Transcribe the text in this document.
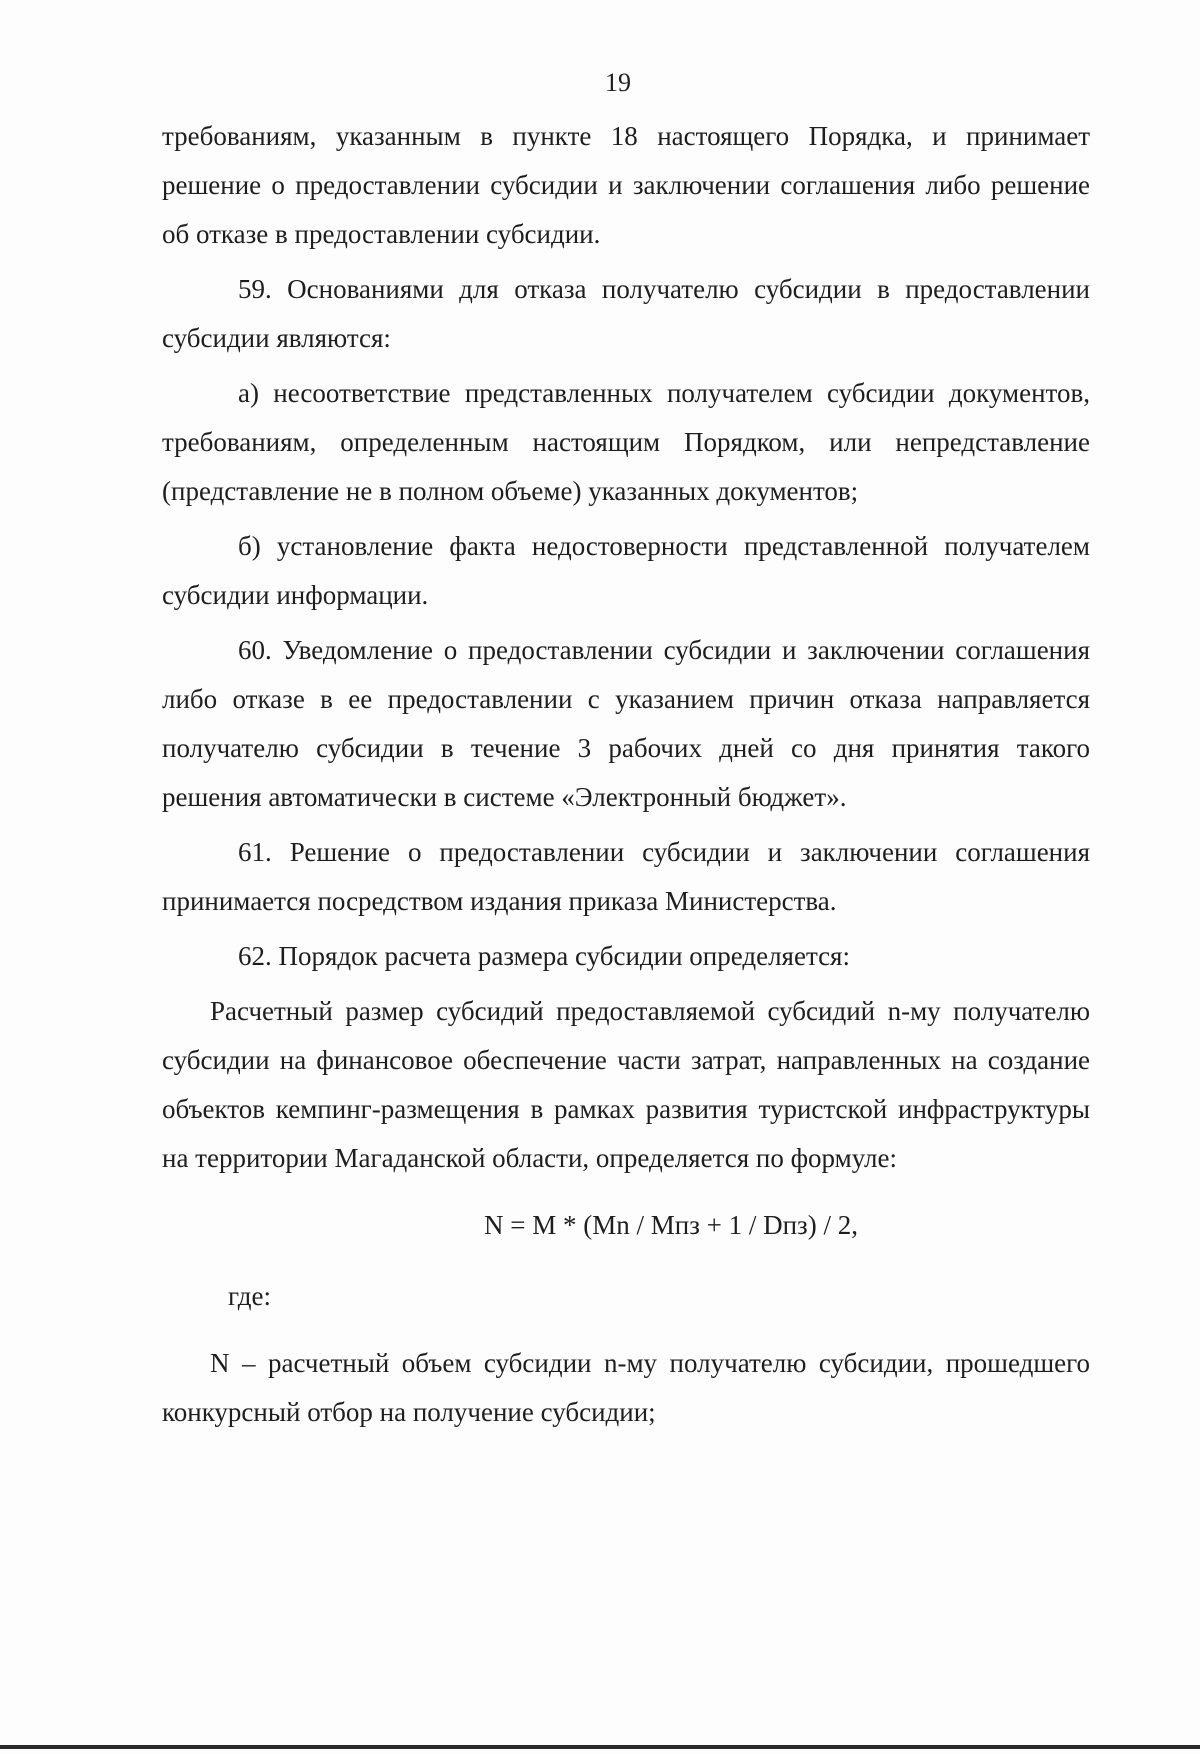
19

требованиям, указанным в пункте 18 настоящего Порядка, и принимает решение о предоставлении субсидии и заключении соглашения либо решение об отказе в предоставлении субсидии.

59. Основаниями для отказа получателю субсидии в предоставлении субсидии являются:

а) несоответствие представленных получателем субсидии документов, требованиям, определенным настоящим Порядком, или непредставление (представление не в полном объеме) указанных документов;

б) установление факта недостоверности представленной получателем субсидии информации.

60. Уведомление о предоставлении субсидии и заключении соглашения либо отказе в ее предоставлении с указанием причин отказа направляется получателю субсидии в течение 3 рабочих дней со дня принятия такого решения автоматически в системе «Электронный бюджет».

61. Решение о предоставлении субсидии и заключении соглашения принимается посредством издания приказа Министерства.

62. Порядок расчета размера субсидии определяется:

Расчетный размер субсидий предоставляемой субсидий n-му получателю субсидии на финансовое обеспечение части затрат, направленных на создание объектов кемпинг-размещения в рамках развития туристской инфраструктуры на территории Магаданской области, определяется по формуле:

N = M * (Mn / Mпз + 1 / Dпз) / 2,
где:

N – расчетный объем субсидии n-му получателю субсидии, прошедшего конкурсный отбор на получение субсидии;
